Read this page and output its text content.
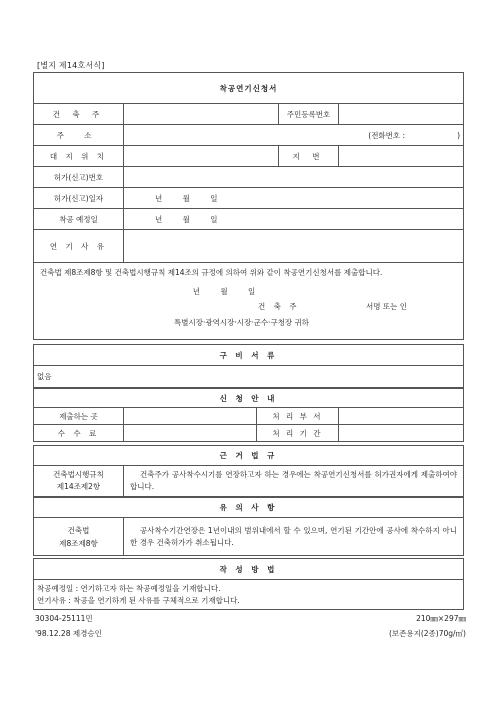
[별지 제14호서식]
착공연기신청서			
건 축 주		주민등록번호	
주 소	(전화번호 : )		
대 지 위 치		지 번	
허가(신고)번호			
허가(신고)일자	년 월 일		
착공 예정일	년 월 일		
연 기 사 유			

건축법 제8조제8항 및 건축법시행규칙 제14조의 규정에 의하여 위와 같이 착공연기신청서를 제출합니다.
년 월 일
건 축 주 서명 또는 인
특별시장·광역시장·시장·군수·구청장 귀하			
구 비 서 류
없음
신 청 안 내			
제출하는 곳		처 리 부 서	
수 수 료		처 리 기 간	
근 거 법 규

건축법시행규칙
제14조제2항
	건축주가 공사착수시기를 연장하고자 하는 경우에는 착공연기신청서를 허가권자에게 제출하여야 합니다.
유 의 사 항

건축법
제8조제8항
	공사착수기간연장은 1년이내의 범위내에서 할 수 있으며, 연기된 기간안에 공사에 착수하지 아니한 경우 건축허가가 취소됩니다.
작 성 방 법

착공예정일 : 연기하고자 하는 착공예정일을 기재합니다.
연기사유 : 착공을 연기하게 된 사유를 구체적으로 기재합니다.
30304-25111민	210㎜×297㎜
'98.12.28 제경승인	(보존용지(2종)70g/㎡)
